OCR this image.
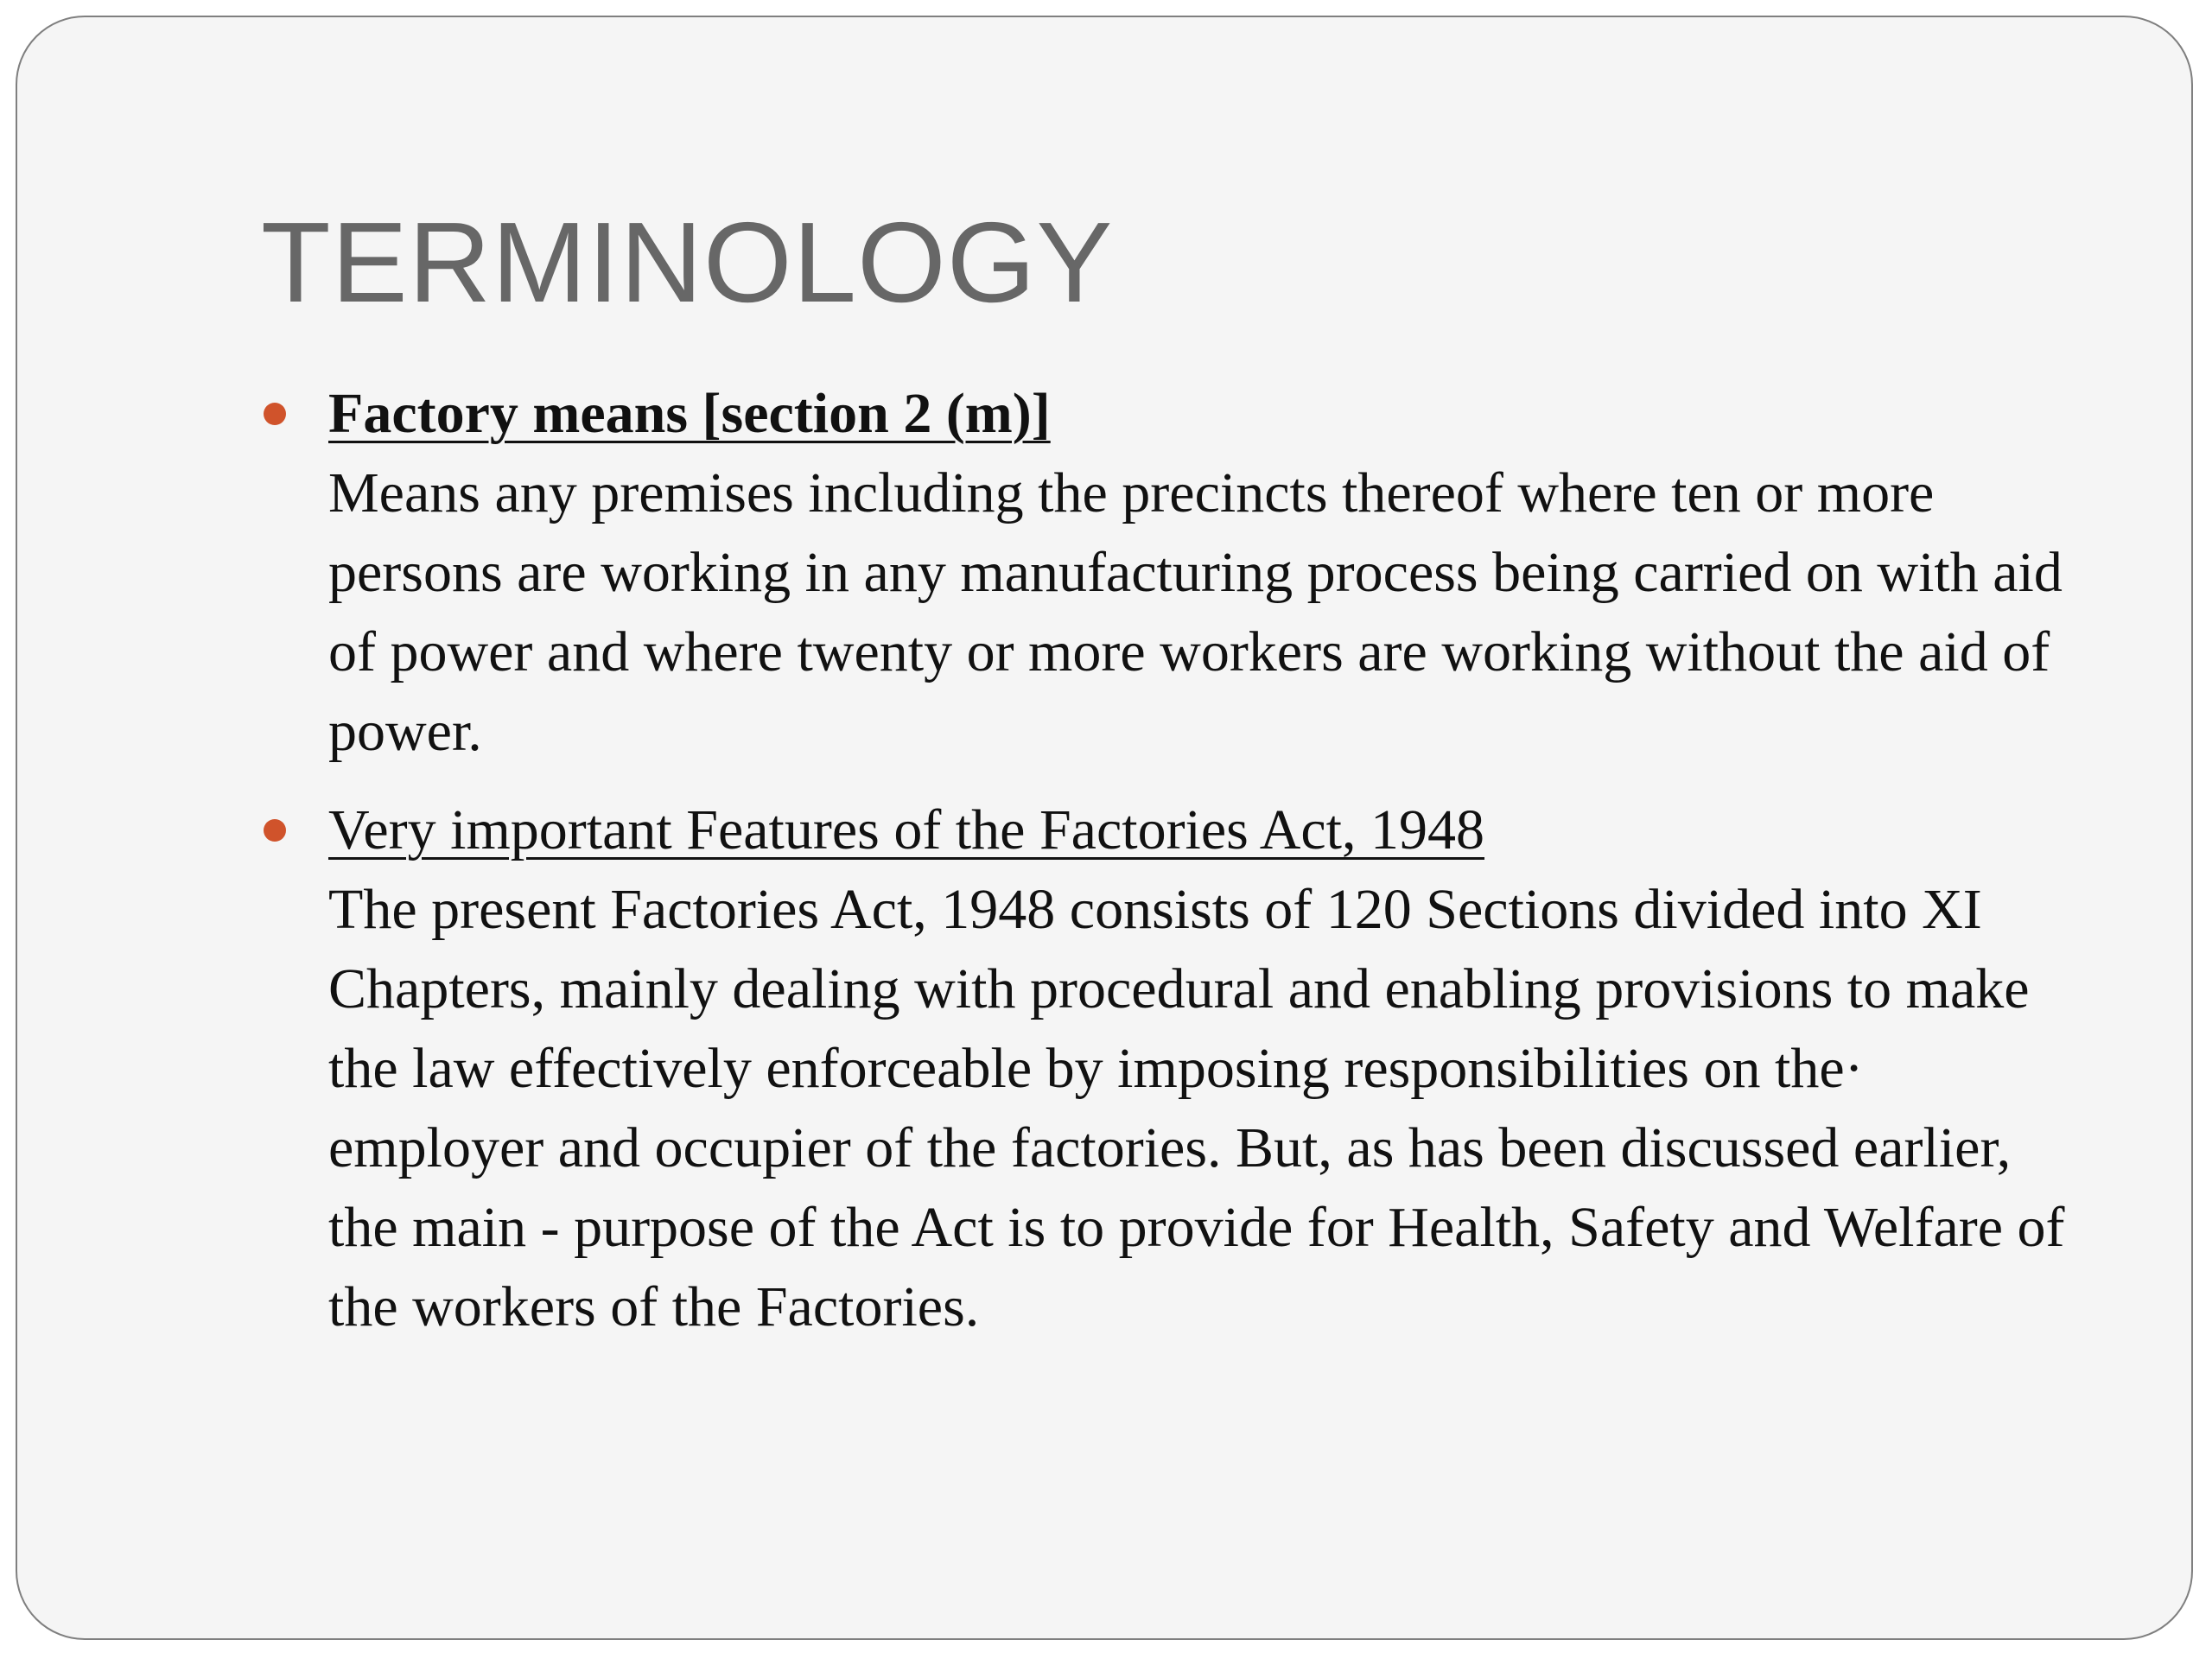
TERMINOLOGY
Factory means [section 2 (m)]
Means any premises including the precincts thereof where ten or more persons are working in any manufacturing process being carried on with aid of power and where twenty or more workers are working without the aid of power.
Very important Features of the Factories Act, 1948
The present Factories Act, 1948 consists of 120 Sections divided into XI Chapters, mainly dealing with procedural and enabling provisions to make the law effectively enforceable by imposing responsibilities on the· employer and occupier of the factories. But, as has been discussed earlier, the main - purpose of the Act is to provide for Health, Safety and Welfare of the workers of the Factories.
